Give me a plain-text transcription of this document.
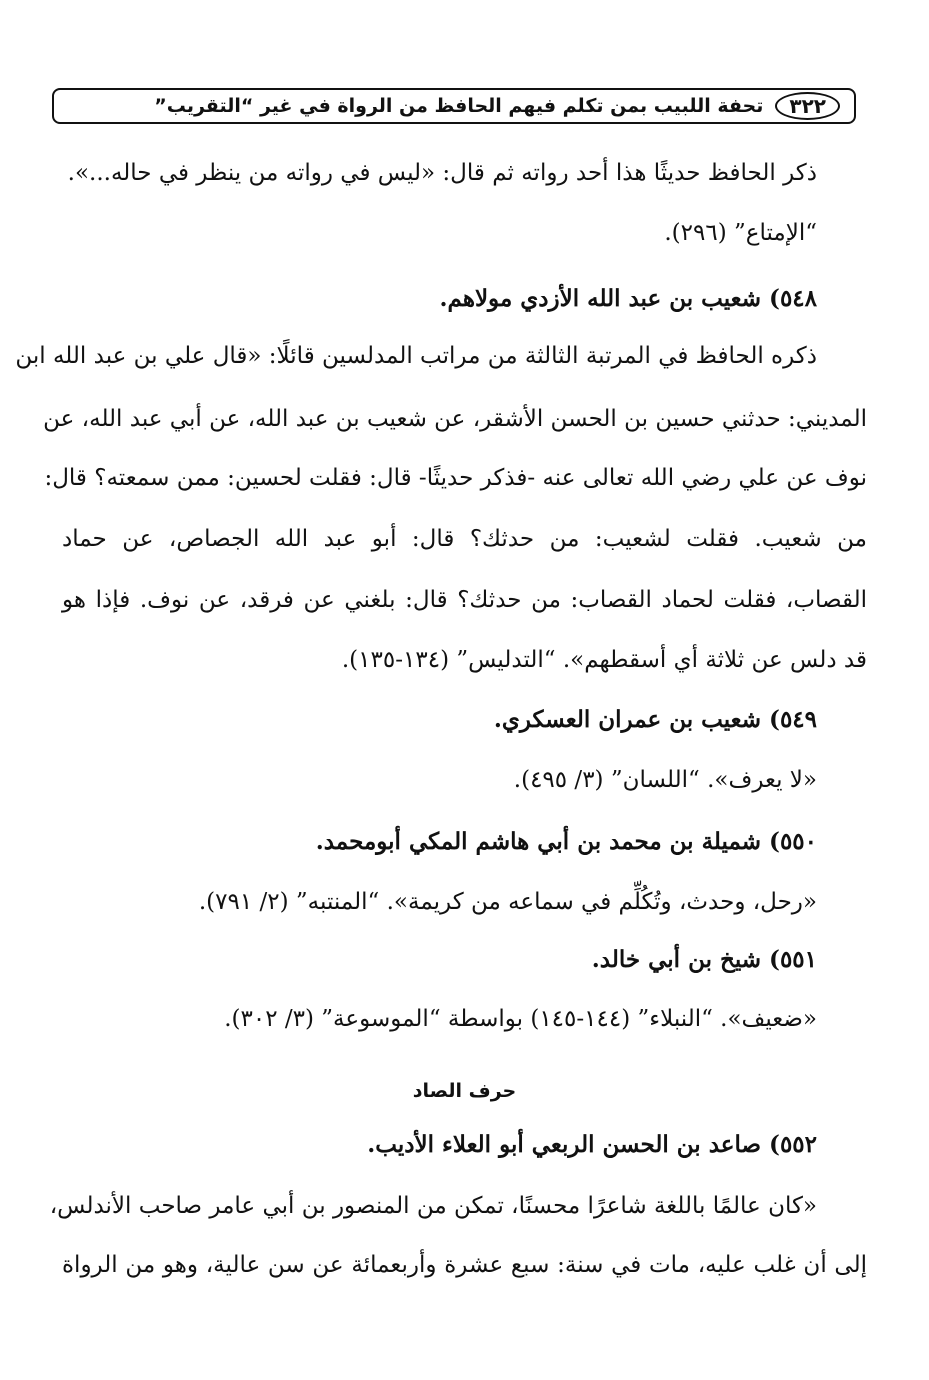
٣٢٢
تحفة اللبيب بمن تكلم فيهم الحافظ من الرواة في غير “التقريب”
ذكر الحافظ حديثًا هذا أحد رواته ثم قال: «ليس في رواته من ينظر في حاله...».
“الإمتاع” (٢٩٦).
٥٤٨) شعيب بن عبد الله الأزدي مولاهم.
ذكره الحافظ في المرتبة الثالثة من مراتب المدلسين قائلًا: «قال علي بن عبد الله ابن
المديني: حدثني حسين بن الحسن الأشقر، عن شعيب بن عبد الله، عن أبي عبد الله، عن
نوف عن علي رضي الله تعالى عنه -فذكر حديثًا- قال: فقلت لحسين: ممن سمعته؟ قال:
من شعيب. فقلت لشعيب: من حدثك؟ قال: أبو عبد الله الجصاص، عن حماد
القصاب، فقلت لحماد القصاب: من حدثك؟ قال: بلغني عن فرقد، عن نوف. فإذا هو
قد دلس عن ثلاثة أي أسقطهم». “التدليس” (١٣٤-١٣٥).
٥٤٩) شعيب بن عمران العسكري.
«لا يعرف». “اللسان” (٣/ ٤٩٥).
٥٥٠) شميلة بن محمد بن أبي هاشم المكي أبومحمد.
«رحل، وحدث، وتُكُلِّم في سماعه من كريمة». “المنتبه” (٢/ ٧٩١).
٥٥١) شيخ بن أبي خالد.
«ضعيف». “النبلاء” (١٤٤-١٤٥) بواسطة “الموسوعة” (٣/ ٣٠٢).
حرف الصاد
٥٥٢) صاعد بن الحسن الربعي أبو العلاء الأديب.
«كان عالمًا باللغة شاعرًا محسنًا، تمكن من المنصور بن أبي عامر صاحب الأندلس،
إلى أن غلب عليه، مات في سنة: سبع عشرة وأربعمائة عن سن عالية، وهو من الرواة
